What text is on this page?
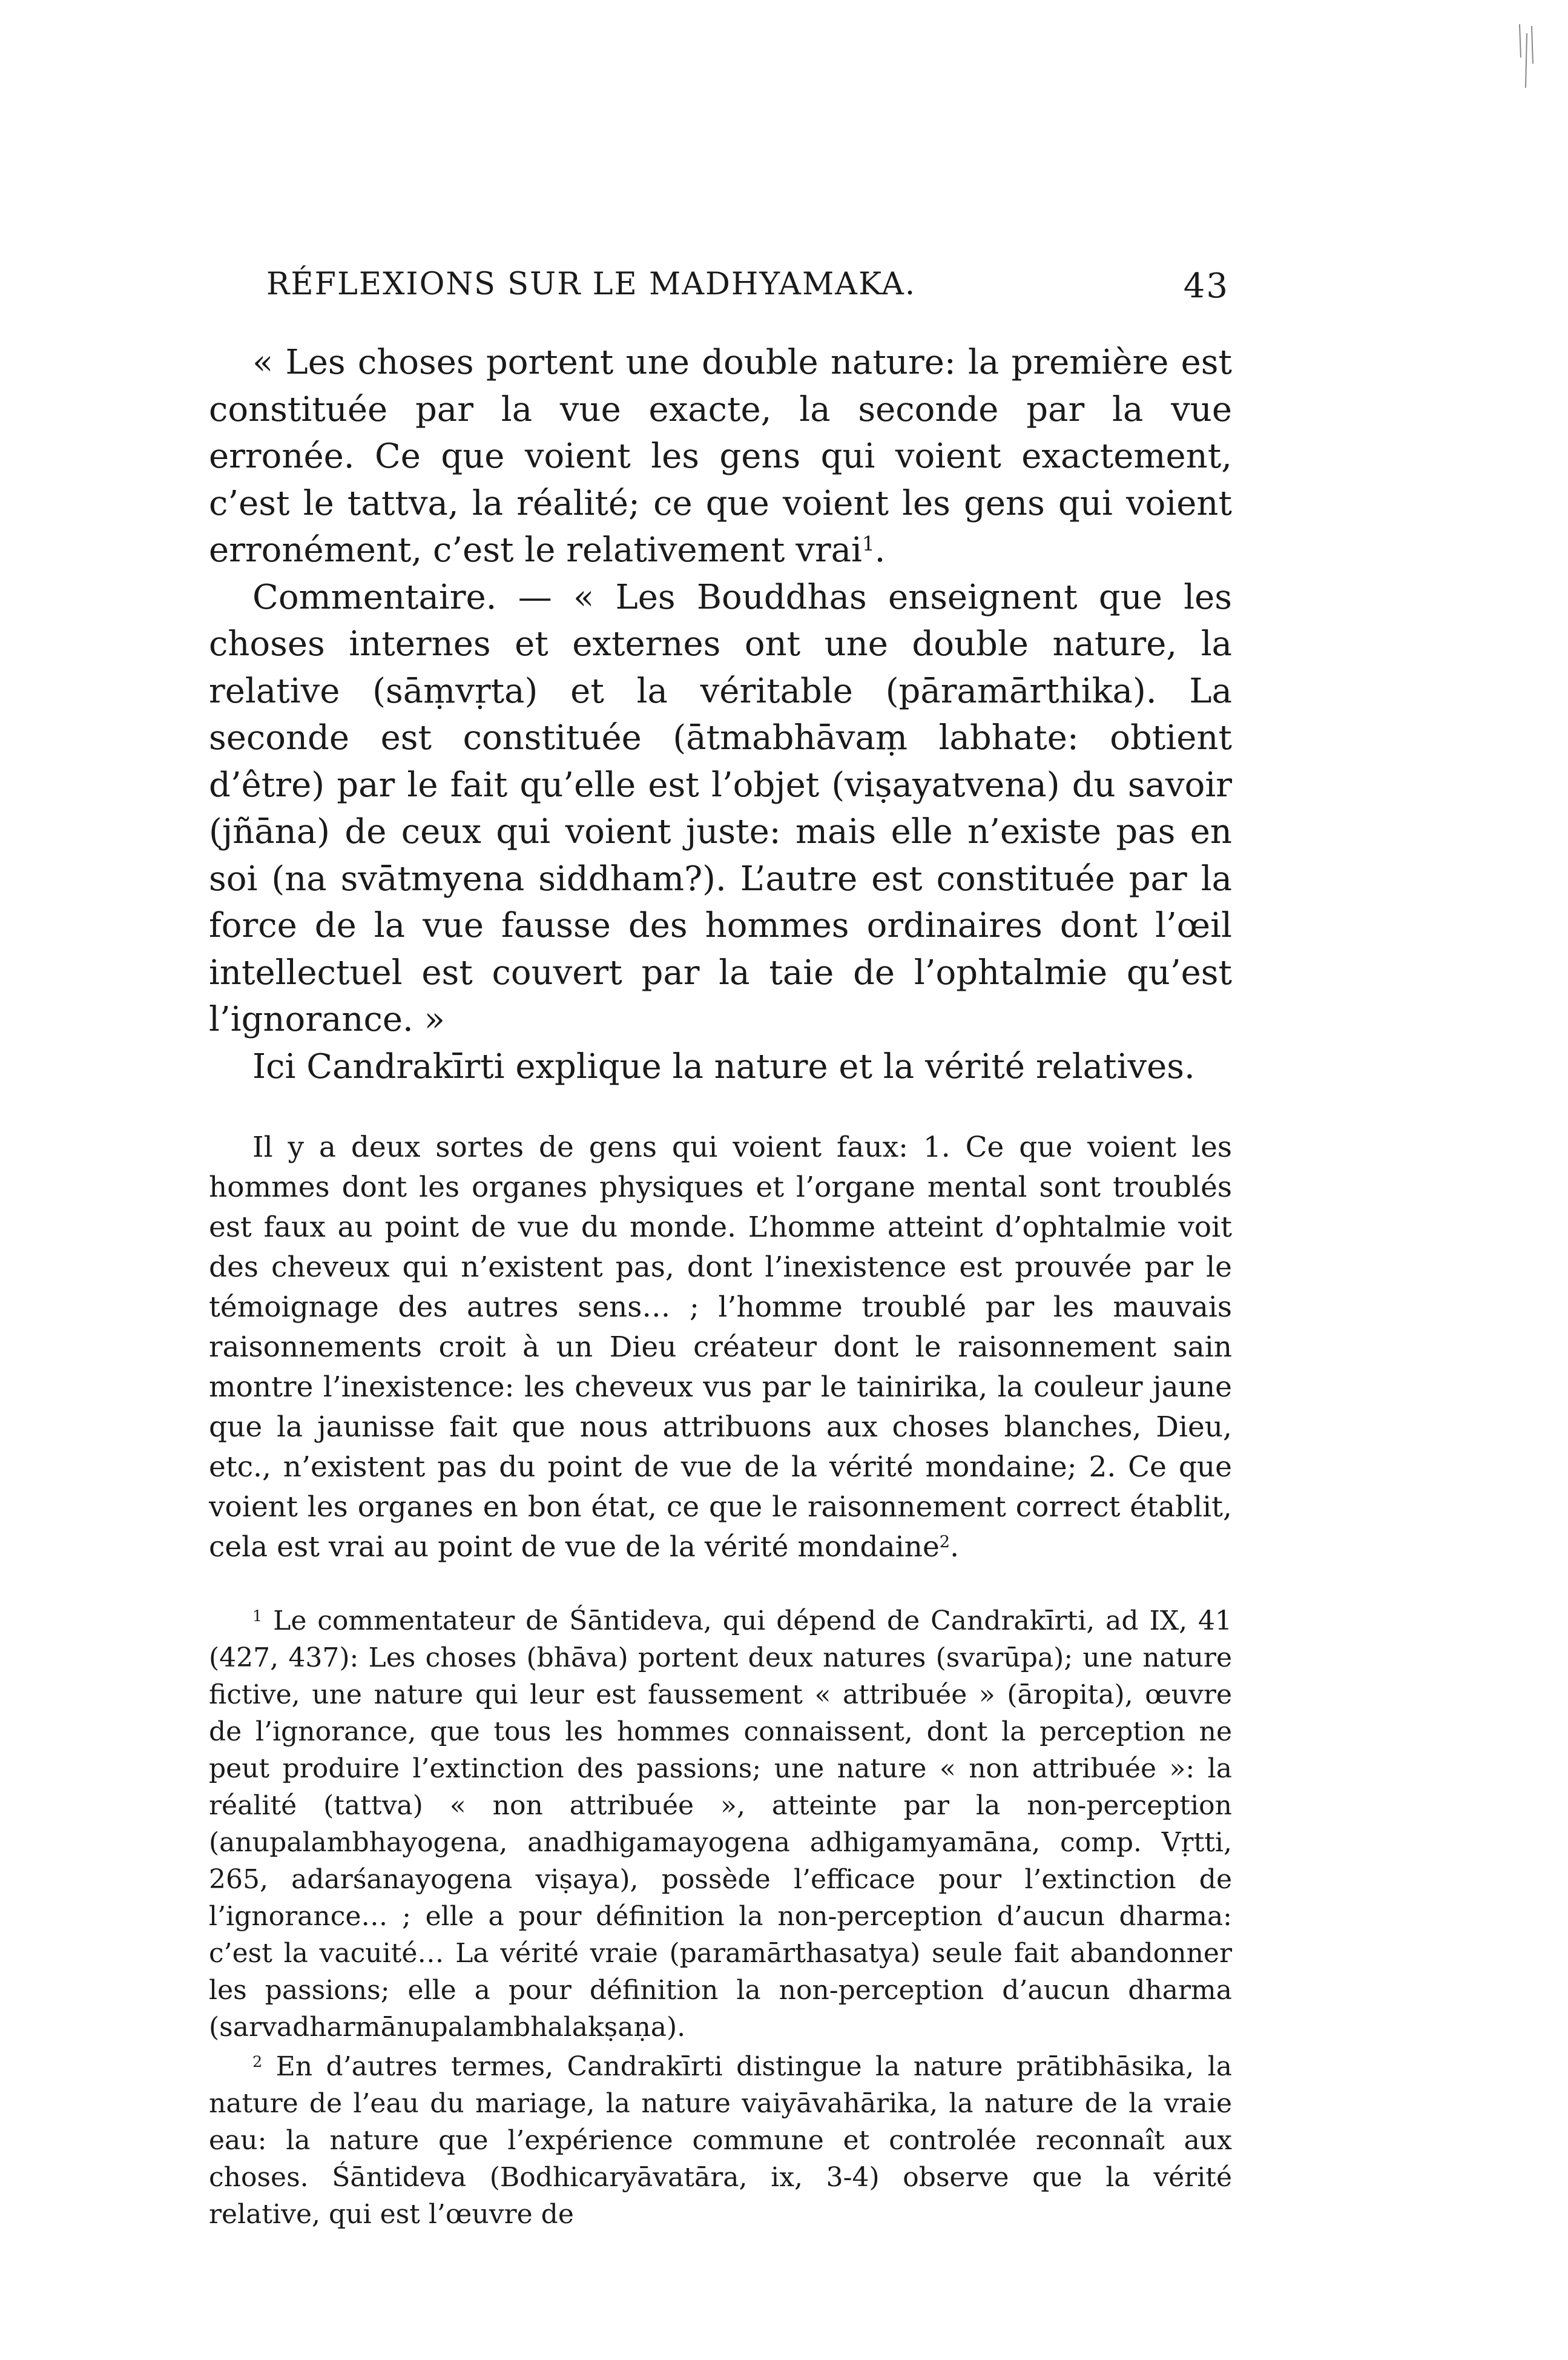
RÉFLEXIONS SUR LE MADHYAMAKA.	43

« Les choses portent une double nature: la première est constituée par la vue exacte, la seconde par la vue erronée. Ce que voient les gens qui voient exactement, c’est le tattva, la réalité; ce que voient les gens qui voient erronément, c’est le relativement vrai$^1$.

Commentaire. — « Les Bouddhas enseignent que les choses internes et externes ont une double nature, la relative (sāṃvṛta) et la véritable (pāramārthika). La seconde est constituée (ātmabhāvaṃ labhate: obtient d’être) par le fait qu’elle est l’objet (viṣayatvena) du savoir (jñāna) de ceux qui voient juste: mais elle n’existe pas en soi (na svātmyena siddham?). L’autre est constituée par la force de la vue fausse des hommes ordinaires dont l’œil intellectuel est couvert par la taie de l’ophtalmie qu’est l’ignorance. »

Ici Candrakīrti explique la nature et la vérité relatives.

Il y a deux sortes de gens qui voient faux: 1. Ce que voient les hommes dont les organes physiques et l’organe mental sont troublés est faux au point de vue du monde. L’homme atteint d’ophtalmie voit des cheveux qui n’existent pas, dont l’inexistence est prouvée par le témoignage des autres sens… ; l’homme troublé par les mauvais raisonnements croit à un Dieu créateur dont le raisonnement sain montre l’inexistence: les cheveux vus par le tainirika, la couleur jaune que la jaunisse fait que nous attribuons aux choses blanches, Dieu, etc., n’existent pas du point de vue de la vérité mondaine; 2. Ce que voient les organes en bon état, ce que le raisonnement correct établit, cela est vrai au point de vue de la vérité mondaine$^2$.

$^1$ Le commentateur de Śāntideva, qui dépend de Candrakīrti, ad IX, 41 (427, 437): Les choses (bhāva) portent deux natures (svarūpa); une nature fictive, une nature qui leur est faussement « attribuée » (āropita), œuvre de l’ignorance, que tous les hommes connaissent, dont la perception ne peut produire l’extinction des passions; une nature « non attribuée »: la réalité (tattva) « non attribuée », atteinte par la non-perception (anupalambhayogena, anadhigamayogena adhigamyamāna, comp. Vṛtti, 265, adarśanayogena viṣaya), possède l’efficace pour l’extinction de l’ignorance… ; elle a pour définition la non-perception d’aucun dharma: c’est la vacuité… La vérité vraie (paramārthasatya) seule fait abandonner les passions; elle a pour définition la non-perception d’aucun dharma (sarvadharmānupalambhalakṣaṇa).

$^2$ En d’autres termes, Candrakīrti distingue la nature prātibhāsika, la nature de l’eau du mariage, la nature vaiyāvahārika, la nature de la vraie eau: la nature que l’expérience commune et controlée reconnaît aux choses. Śāntideva (Bodhicaryāvatāra, ix, 3-4) observe que la vérité relative, qui est l’œuvre de
